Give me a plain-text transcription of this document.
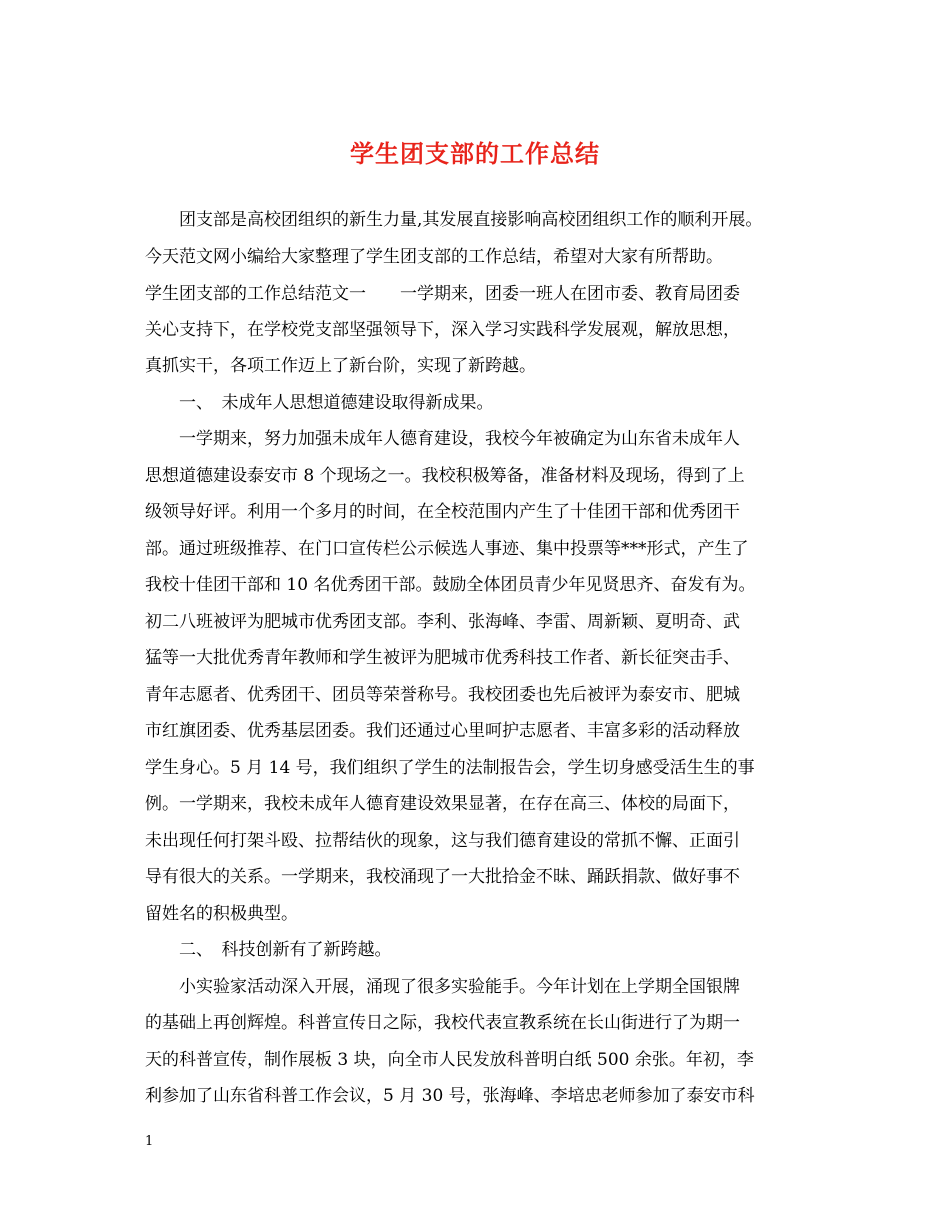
学生团支部的工作总结
　　团支部是高校团组织的新生力量,其发展直接影响高校团组织工作的顺利开展。
今天范文网小编给大家整理了学生团支部的工作总结，希望对大家有所帮助。
学生团支部的工作总结范文一　　一学期来，团委一班人在团市委、教育局团委
关心支持下，在学校党支部坚强领导下，深入学习实践科学发展观，解放思想，
真抓实干，各项工作迈上了新台阶，实现了新跨越。
　　一、　未成年人思想道德建设取得新成果。
　　一学期来，努力加强未成年人德育建设，我校今年被确定为山东省未成年人
思想道德建设泰安市 8 个现场之一。我校积极筹备，准备材料及现场，得到了上
级领导好评。利用一个多月的时间，在全校范围内产生了十佳团干部和优秀团干
部。通过班级推荐、在门口宣传栏公示候选人事迹、集中投票等***形式，产生了
我校十佳团干部和 10 名优秀团干部。鼓励全体团员青少年见贤思齐、奋发有为。
初二八班被评为肥城市优秀团支部。李利、张海峰、李雷、周新颖、夏明奇、武
猛等一大批优秀青年教师和学生被评为肥城市优秀科技工作者、新长征突击手、
青年志愿者、优秀团干、团员等荣誉称号。我校团委也先后被评为泰安市、肥城
市红旗团委、优秀基层团委。我们还通过心里呵护志愿者、丰富多彩的活动释放
学生身心。5 月 14 号，我们组织了学生的法制报告会，学生切身感受活生生的事
例。一学期来，我校未成年人德育建设效果显著，在存在高三、体校的局面下，
未出现任何打架斗殴、拉帮结伙的现象，这与我们德育建设的常抓不懈、正面引
导有很大的关系。一学期来，我校涌现了一大批拾金不昧、踊跃捐款、做好事不
留姓名的积极典型。
　　二、　科技创新有了新跨越。
　　小实验家活动深入开展，涌现了很多实验能手。今年计划在上学期全国银牌
的基础上再创辉煌。科普宣传日之际，我校代表宣教系统在长山街进行了为期一
天的科普宣传，制作展板 3 块，向全市人民发放科普明白纸 500 余张。年初，李
利参加了山东省科普工作会议，5 月 30 号，张海峰、李培忠老师参加了泰安市科
1
